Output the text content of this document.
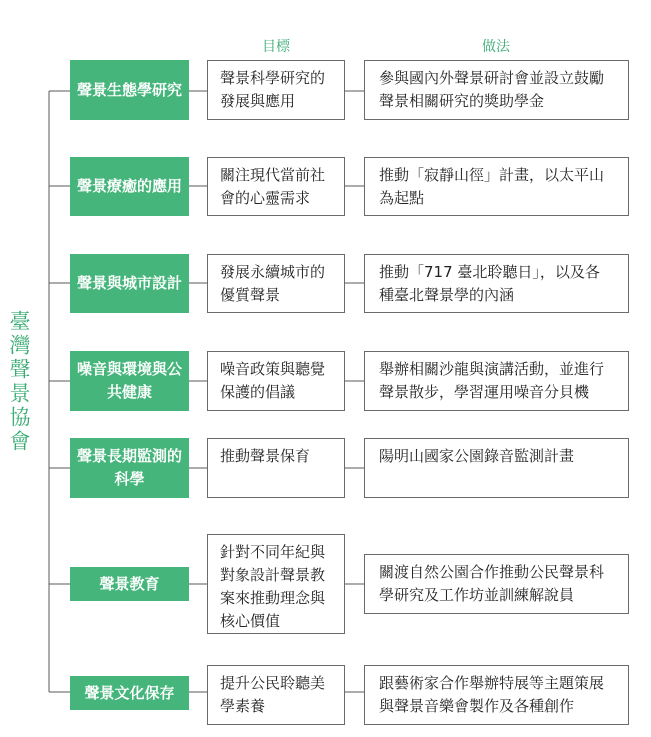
目標	做法
臺灣聲景協會
聲景生態學研究
聲景科學研究的發展與應用
參與國內外聲景研討會並設立鼓勵聲景相關研究的獎助學金
聲景療癒的應用
關注現代當前社會的心靈需求
推動「寂靜山徑」計畫，以太平山為起點
聲景與城市設計
發展永續城市的優質聲景
推動「717 臺北聆聽日」，以及各種臺北聲景學的內涵
噪音與環境與公共健康
噪音政策與聽覺保護的倡議
舉辦相關沙龍與演講活動，並進行聲景散步，學習運用噪音分貝機
聲景長期監測的科學
推動聲景保育	陽明山國家公園錄音監測計畫
聲景教育
針對不同年紀與對象設計聲景教案來推動理念與核心價值
關渡自然公園合作推動公民聲景科學研究及工作坊並訓練解說員
聲景文化保存
提升公民聆聽美學素養
跟藝術家合作舉辦特展等主題策展與聲景音樂會製作及各種創作
